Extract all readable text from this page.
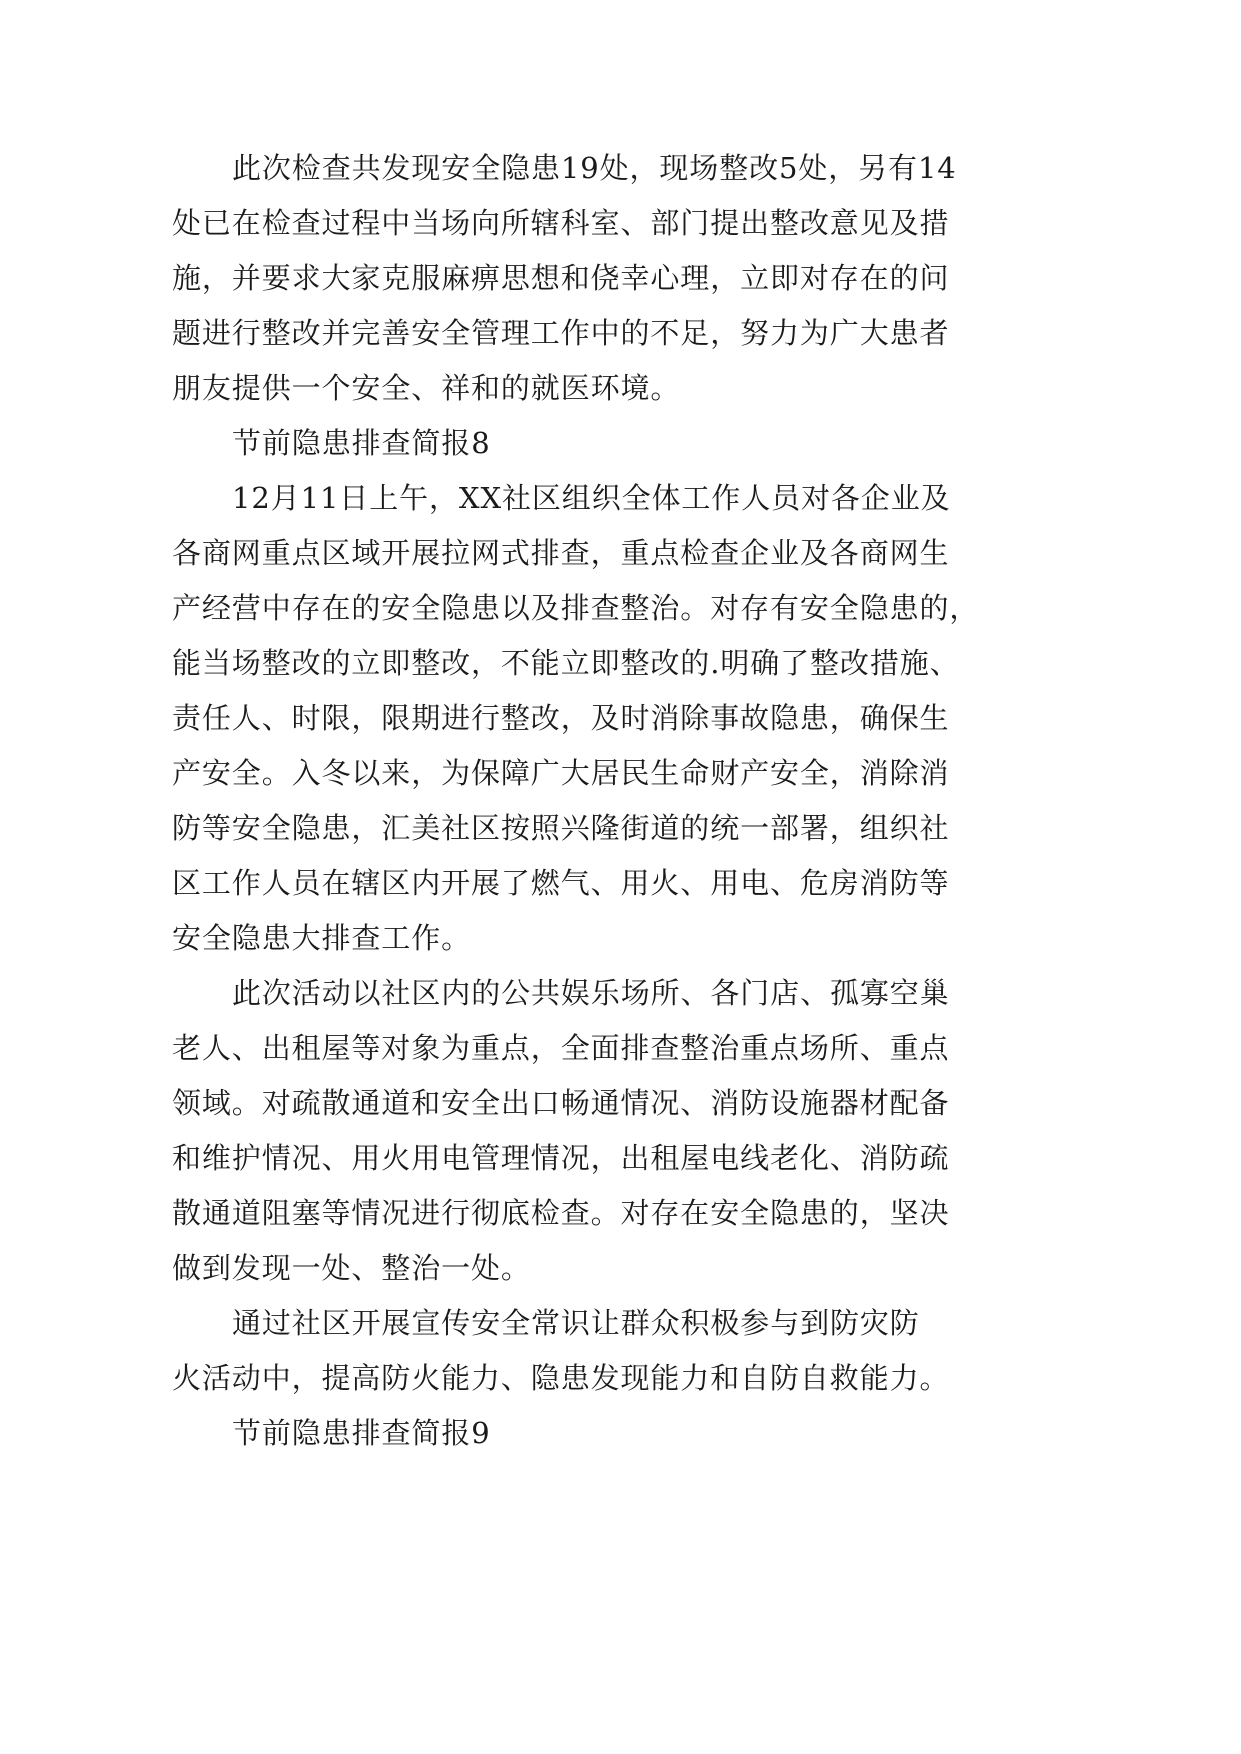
此次检查共发现安全隐患19处，现场整改5处，另有14
处已在检查过程中当场向所辖科室、部门提出整改意见及措
施，并要求大家克服麻痹思想和侥幸心理，立即对存在的问
题进行整改并完善安全管理工作中的不足，努力为广大患者
朋友提供一个安全、祥和的就医环境。
节前隐患排查简报8
12月11日上午，XX社区组织全体工作人员对各企业及
各商网重点区域开展拉网式排查，重点检查企业及各商网生
产经营中存在的安全隐患以及排查整治。对存有安全隐患的，
能当场整改的立即整改，不能立即整改的.明确了整改措施、
责任人、时限，限期进行整改，及时消除事故隐患，确保生
产安全。入冬以来，为保障广大居民生命财产安全，消除消
防等安全隐患，汇美社区按照兴隆街道的统一部署，组织社
区工作人员在辖区内开展了燃气、用火、用电、危房消防等
安全隐患大排查工作。
此次活动以社区内的公共娱乐场所、各门店、孤寡空巢
老人、出租屋等对象为重点，全面排查整治重点场所、重点
领域。对疏散通道和安全出口畅通情况、消防设施器材配备
和维护情况、用火用电管理情况，出租屋电线老化、消防疏
散通道阻塞等情况进行彻底检查。对存在安全隐患的，坚决
做到发现一处、整治一处。
通过社区开展宣传安全常识让群众积极参与到防灾防
火活动中，提高防火能力、隐患发现能力和自防自救能力。
节前隐患排查简报9
